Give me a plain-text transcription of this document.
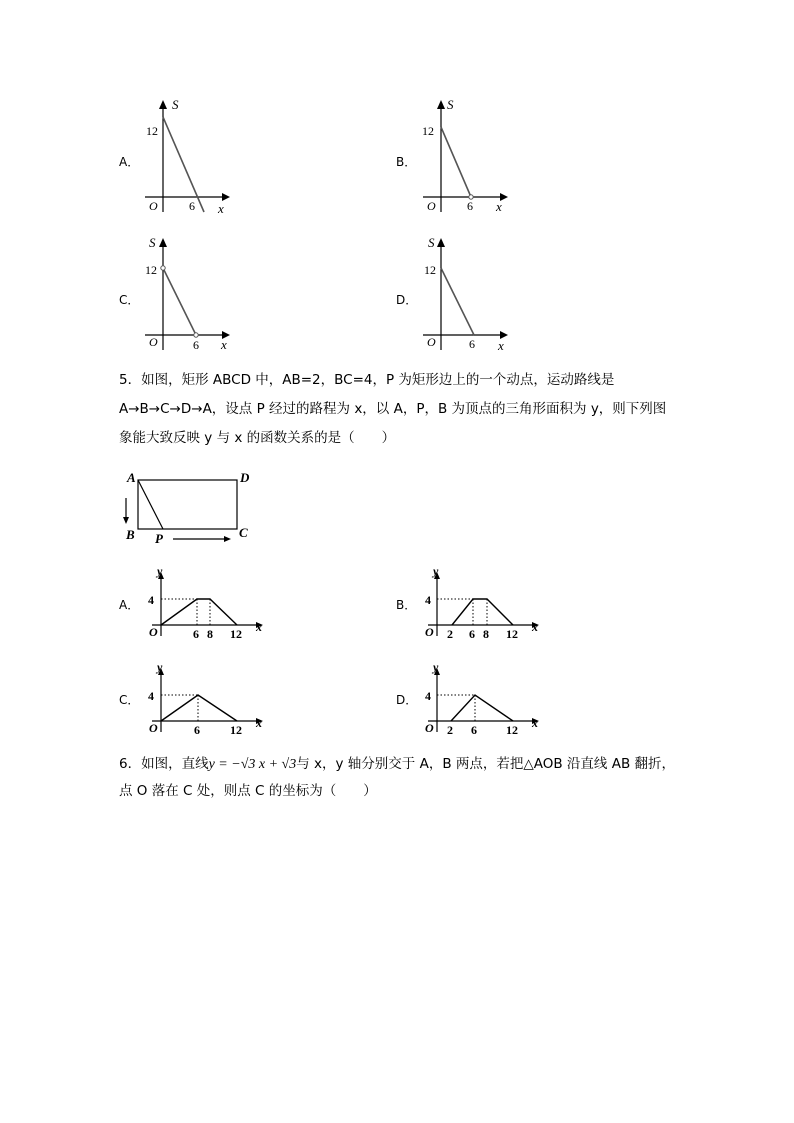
A．
S
12
O	6 x
B．
S
12
O	6 x
C．
S
12
O	6 x
D．
S
12
O	6 x
5．如图，矩形 ABCD 中，AB=2，BC=4，P 为矩形边上的一个动点，运动路线是
A→B→C→D→A，设点 P 经过的路程为 x，以 A，P，B 为顶点的三角形面积为 y，则下列图
象能大致反映 y 与 x 的函数关系的是（　　）
A	D
B	C
P
A．
y
4
O	6 8 12 x
B．
y
4
O 2 6 8 12 x
C．
y
4
O	6	12 x
D．
y
4
O 2 6 12 x
6．如图，直线y = −√3 x + √3与 x，y 轴分别交于 A，B 两点，若把△AOB 沿直线 AB 翻折，
点 O 落在 C 处，则点 C 的坐标为（　　）
